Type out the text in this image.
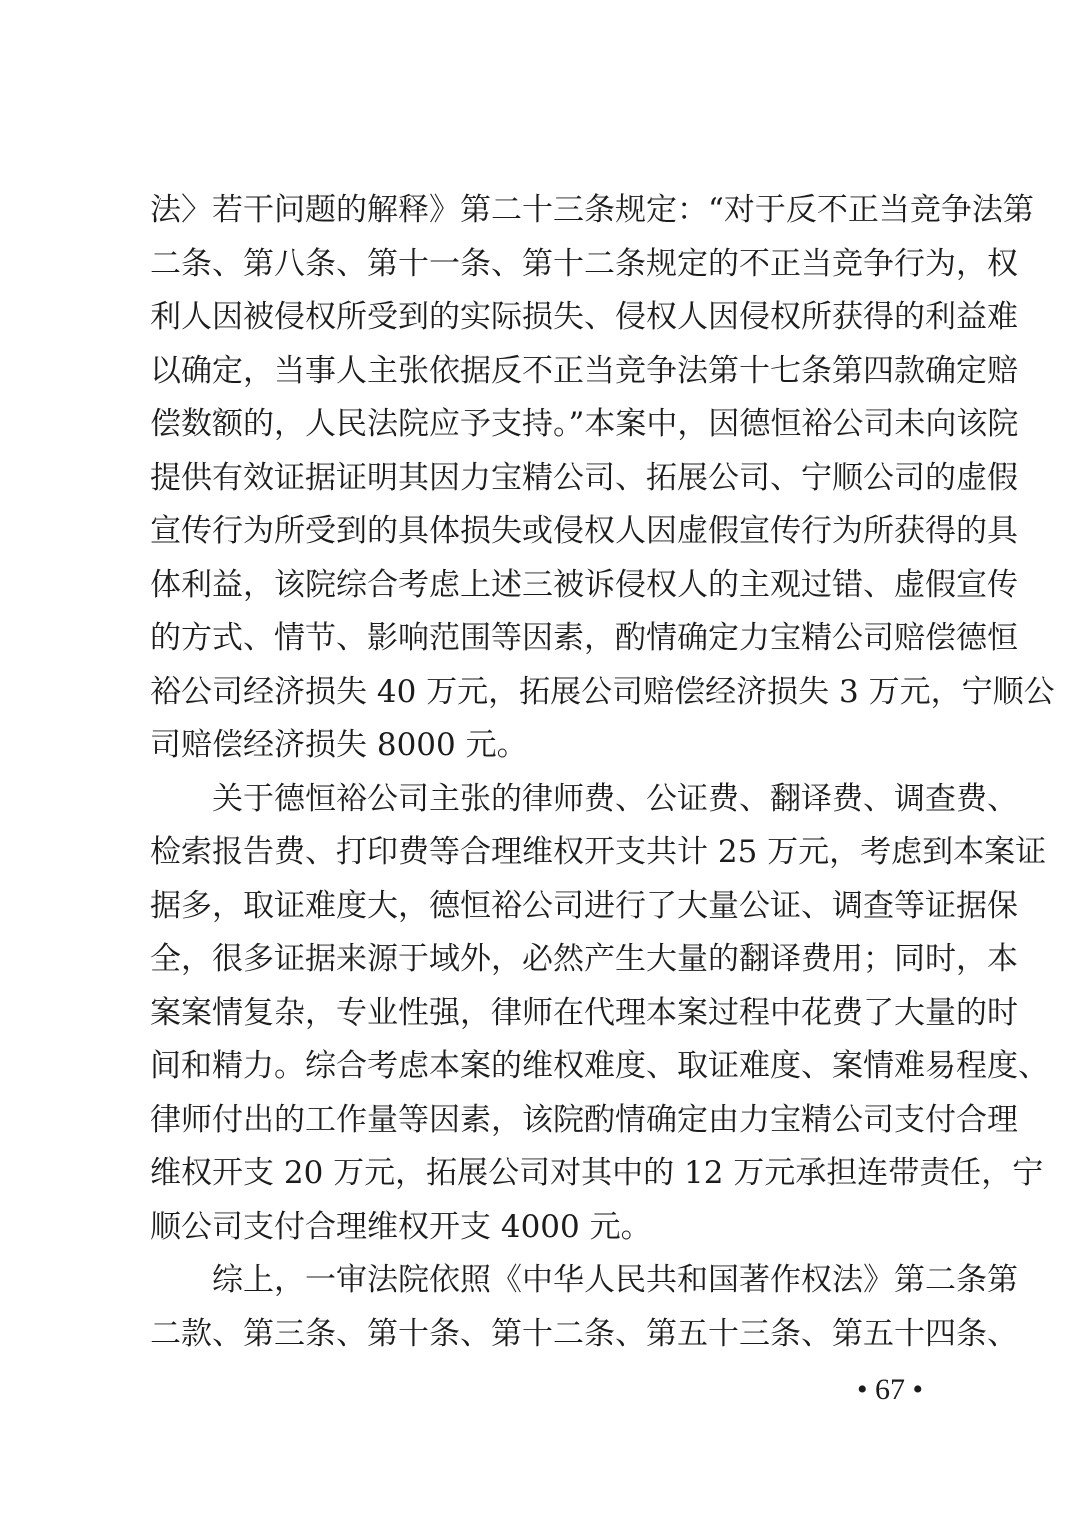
法〉若干问题的解释》第二十三条规定：“对于反不正当竞争法第
二条、第八条、第十一条、第十二条规定的不正当竞争行为，权
利人因被侵权所受到的实际损失、侵权人因侵权所获得的利益难
以确定，当事人主张依据反不正当竞争法第十七条第四款确定赔
偿数额的，人民法院应予支持。”本案中，因德恒裕公司未向该院
提供有效证据证明其因力宝精公司、拓展公司、宁顺公司的虚假
宣传行为所受到的具体损失或侵权人因虚假宣传行为所获得的具
体利益，该院综合考虑上述三被诉侵权人的主观过错、虚假宣传
的方式、情节、影响范围等因素，酌情确定力宝精公司赔偿德恒
裕公司经济损失 40 万元，拓展公司赔偿经济损失 3 万元，宁顺公
司赔偿经济损失 8000 元。
关于德恒裕公司主张的律师费、公证费、翻译费、调查费、
检索报告费、打印费等合理维权开支共计 25 万元，考虑到本案证
据多，取证难度大，德恒裕公司进行了大量公证、调查等证据保
全，很多证据来源于域外，必然产生大量的翻译费用；同时，本
案案情复杂，专业性强，律师在代理本案过程中花费了大量的时
间和精力。综合考虑本案的维权难度、取证难度、案情难易程度、
律师付出的工作量等因素，该院酌情确定由力宝精公司支付合理
维权开支 20 万元，拓展公司对其中的 12 万元承担连带责任，宁
顺公司支付合理维权开支 4000 元。
综上，一审法院依照《中华人民共和国著作权法》第二条第
二款、第三条、第十条、第十二条、第五十三条、第五十四条、
• 67 •
